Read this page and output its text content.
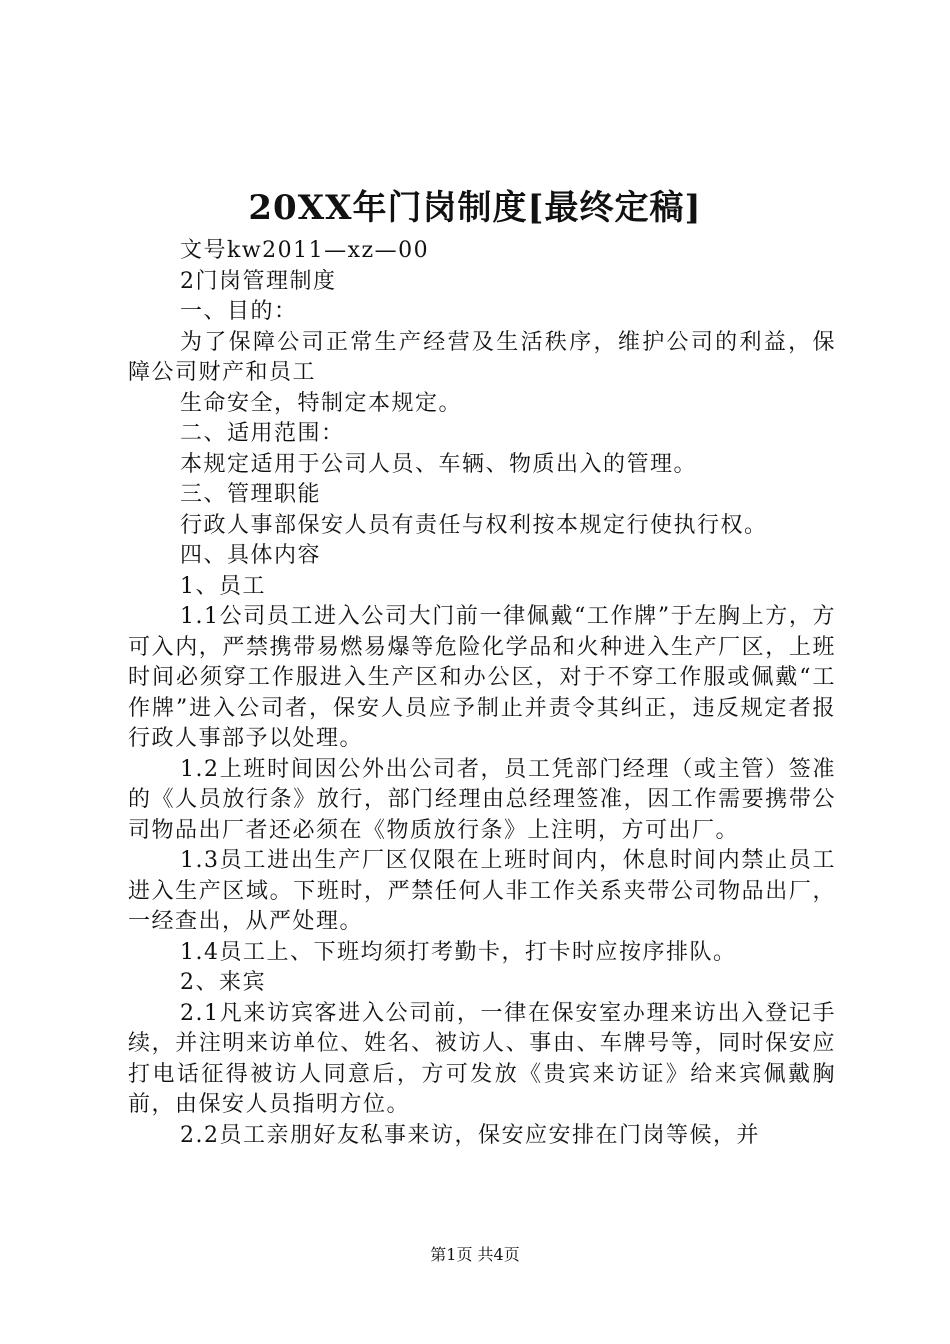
20XX年门岗制度[最终定稿]

文号kw2011—xz—00

2门岗管理制度

一、目的：

为了保障公司正常生产经营及生活秩序，维护公司的利益，保障公司财产和员工

生命安全，特制定本规定。

二、适用范围：

本规定适用于公司人员、车辆、物质出入的管理。

三、管理职能

行政人事部保安人员有责任与权利按本规定行使执行权。

四、具体内容

1、员工

1.1公司员工进入公司大门前一律佩戴“工作牌”于左胸上方，方可入内，严禁携带易燃易爆等危险化学品和火种进入生产厂区，上班时间必须穿工作服进入生产区和办公区，对于不穿工作服或佩戴“工作牌”进入公司者，保安人员应予制止并责令其纠正，违反规定者报行政人事部予以处理。

1.2上班时间因公外出公司者，员工凭部门经理（或主管）签准的《人员放行条》放行，部门经理由总经理签准，因工作需要携带公司物品出厂者还必须在《物质放行条》上注明，方可出厂。

1.3员工进出生产厂区仅限在上班时间内，休息时间内禁止员工进入生产区域。下班时，严禁任何人非工作关系夹带公司物品出厂，一经查出，从严处理。

1.4员工上、下班均须打考勤卡，打卡时应按序排队。

2、来宾

2.1凡来访宾客进入公司前，一律在保安室办理来访出入登记手续，并注明来访单位、姓名、被访人、事由、车牌号等，同时保安应打电话征得被访人同意后，方可发放《贵宾来访证》给来宾佩戴胸前，由保安人员指明方位。

2.2员工亲朋好友私事来访，保安应安排在门岗等候，并

第1页 共4页
